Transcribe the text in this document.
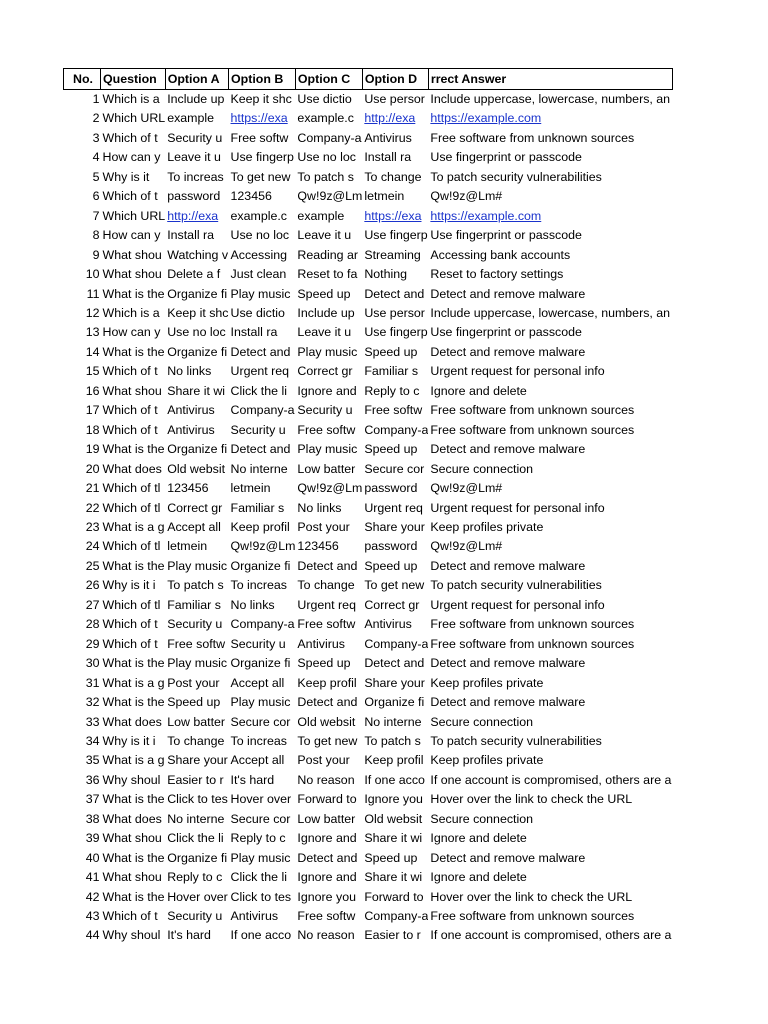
No.	Question	Option A	Option B	Option C	Option D	rrect Answer
1	Which is a	Include up	Keep it shc	Use dictio	Use persor	Include uppercase, lowercase, numbers, an
2	Which URL	example	https://exa	example.c	http://exa	https://example.com
3	Which of t	Security u	Free softw	Company-a	Antivirus	Free software from unknown sources
4	How can y	Leave it u	Use fingerp	Use no loc	Install ra	Use fingerprint or passcode
5	Why is it	To increas	To get new	To patch s	To change	To patch security vulnerabilities
6	Which of t	password	123456	Qw!9z@Lm	letmein	Qw!9z@Lm#
7	Which URL	http://exa	example.c	example	https://exa	https://example.com
8	How can y	Install ra	Use no loc	Leave it u	Use fingerp	Use fingerprint or passcode
9	What shou	Watching v	Accessing	Reading ar	Streaming	Accessing bank accounts
10	What shou	Delete a f	Just clean	Reset to fa	Nothing	Reset to factory settings
11	What is the	Organize fi	Play music	Speed up	Detect and	Detect and remove malware
12	Which is a	Keep it shc	Use dictio	Include up	Use persor	Include uppercase, lowercase, numbers, an
13	How can y	Use no loc	Install ra	Leave it u	Use fingerp	Use fingerprint or passcode
14	What is the	Organize fi	Detect and	Play music	Speed up	Detect and remove malware
15	Which of t	No links	Urgent req	Correct gr	Familiar s	Urgent request for personal info
16	What shou	Share it wi	Click the li	Ignore and	Reply to c	Ignore and delete
17	Which of t	Antivirus	Company-a	Security u	Free softw	Free software from unknown sources
18	Which of t	Antivirus	Security u	Free softw	Company-a	Free software from unknown sources
19	What is the	Organize fi	Detect and	Play music	Speed up	Detect and remove malware
20	What does	Old websit	No interne	Low batter	Secure cor	Secure connection
21	Which of tl	123456	letmein	Qw!9z@Lm	password	Qw!9z@Lm#
22	Which of tl	Correct gr	Familiar s	No links	Urgent req	Urgent request for personal info
23	What is a g	Accept all	Keep profil	Post your	Share your	Keep profiles private
24	Which of tl	letmein	Qw!9z@Lm	123456	password	Qw!9z@Lm#
25	What is the	Play music	Organize fi	Detect and	Speed up	Detect and remove malware
26	Why is it i	To patch s	To increas	To change	To get new	To patch security vulnerabilities
27	Which of tl	Familiar s	No links	Urgent req	Correct gr	Urgent request for personal info
28	Which of t	Security u	Company-a	Free softw	Antivirus	Free software from unknown sources
29	Which of t	Free softw	Security u	Antivirus	Company-a	Free software from unknown sources
30	What is the	Play music	Organize fi	Speed up	Detect and	Detect and remove malware
31	What is a g	Post your	Accept all	Keep profil	Share your	Keep profiles private
32	What is the	Speed up	Play music	Detect and	Organize fi	Detect and remove malware
33	What does	Low batter	Secure cor	Old websit	No interne	Secure connection
34	Why is it i	To change	To increas	To get new	To patch s	To patch security vulnerabilities
35	What is a g	Share your	Accept all	Post your	Keep profil	Keep profiles private
36	Why shoul	Easier to r	It's hard	No reason	If one acco	If one account is compromised, others are a
37	What is the	Click to tes	Hover over	Forward to	Ignore you	Hover over the link to check the URL
38	What does	No interne	Secure cor	Low batter	Old websit	Secure connection
39	What shou	Click the li	Reply to c	Ignore and	Share it wi	Ignore and delete
40	What is the	Organize fi	Play music	Detect and	Speed up	Detect and remove malware
41	What shou	Reply to c	Click the li	Ignore and	Share it wi	Ignore and delete
42	What is the	Hover over	Click to tes	Ignore you	Forward to	Hover over the link to check the URL
43	Which of t	Security u	Antivirus	Free softw	Company-a	Free software from unknown sources
44	Why shoul	It's hard	If one acco	No reason	Easier to r	If one account is compromised, others are a
